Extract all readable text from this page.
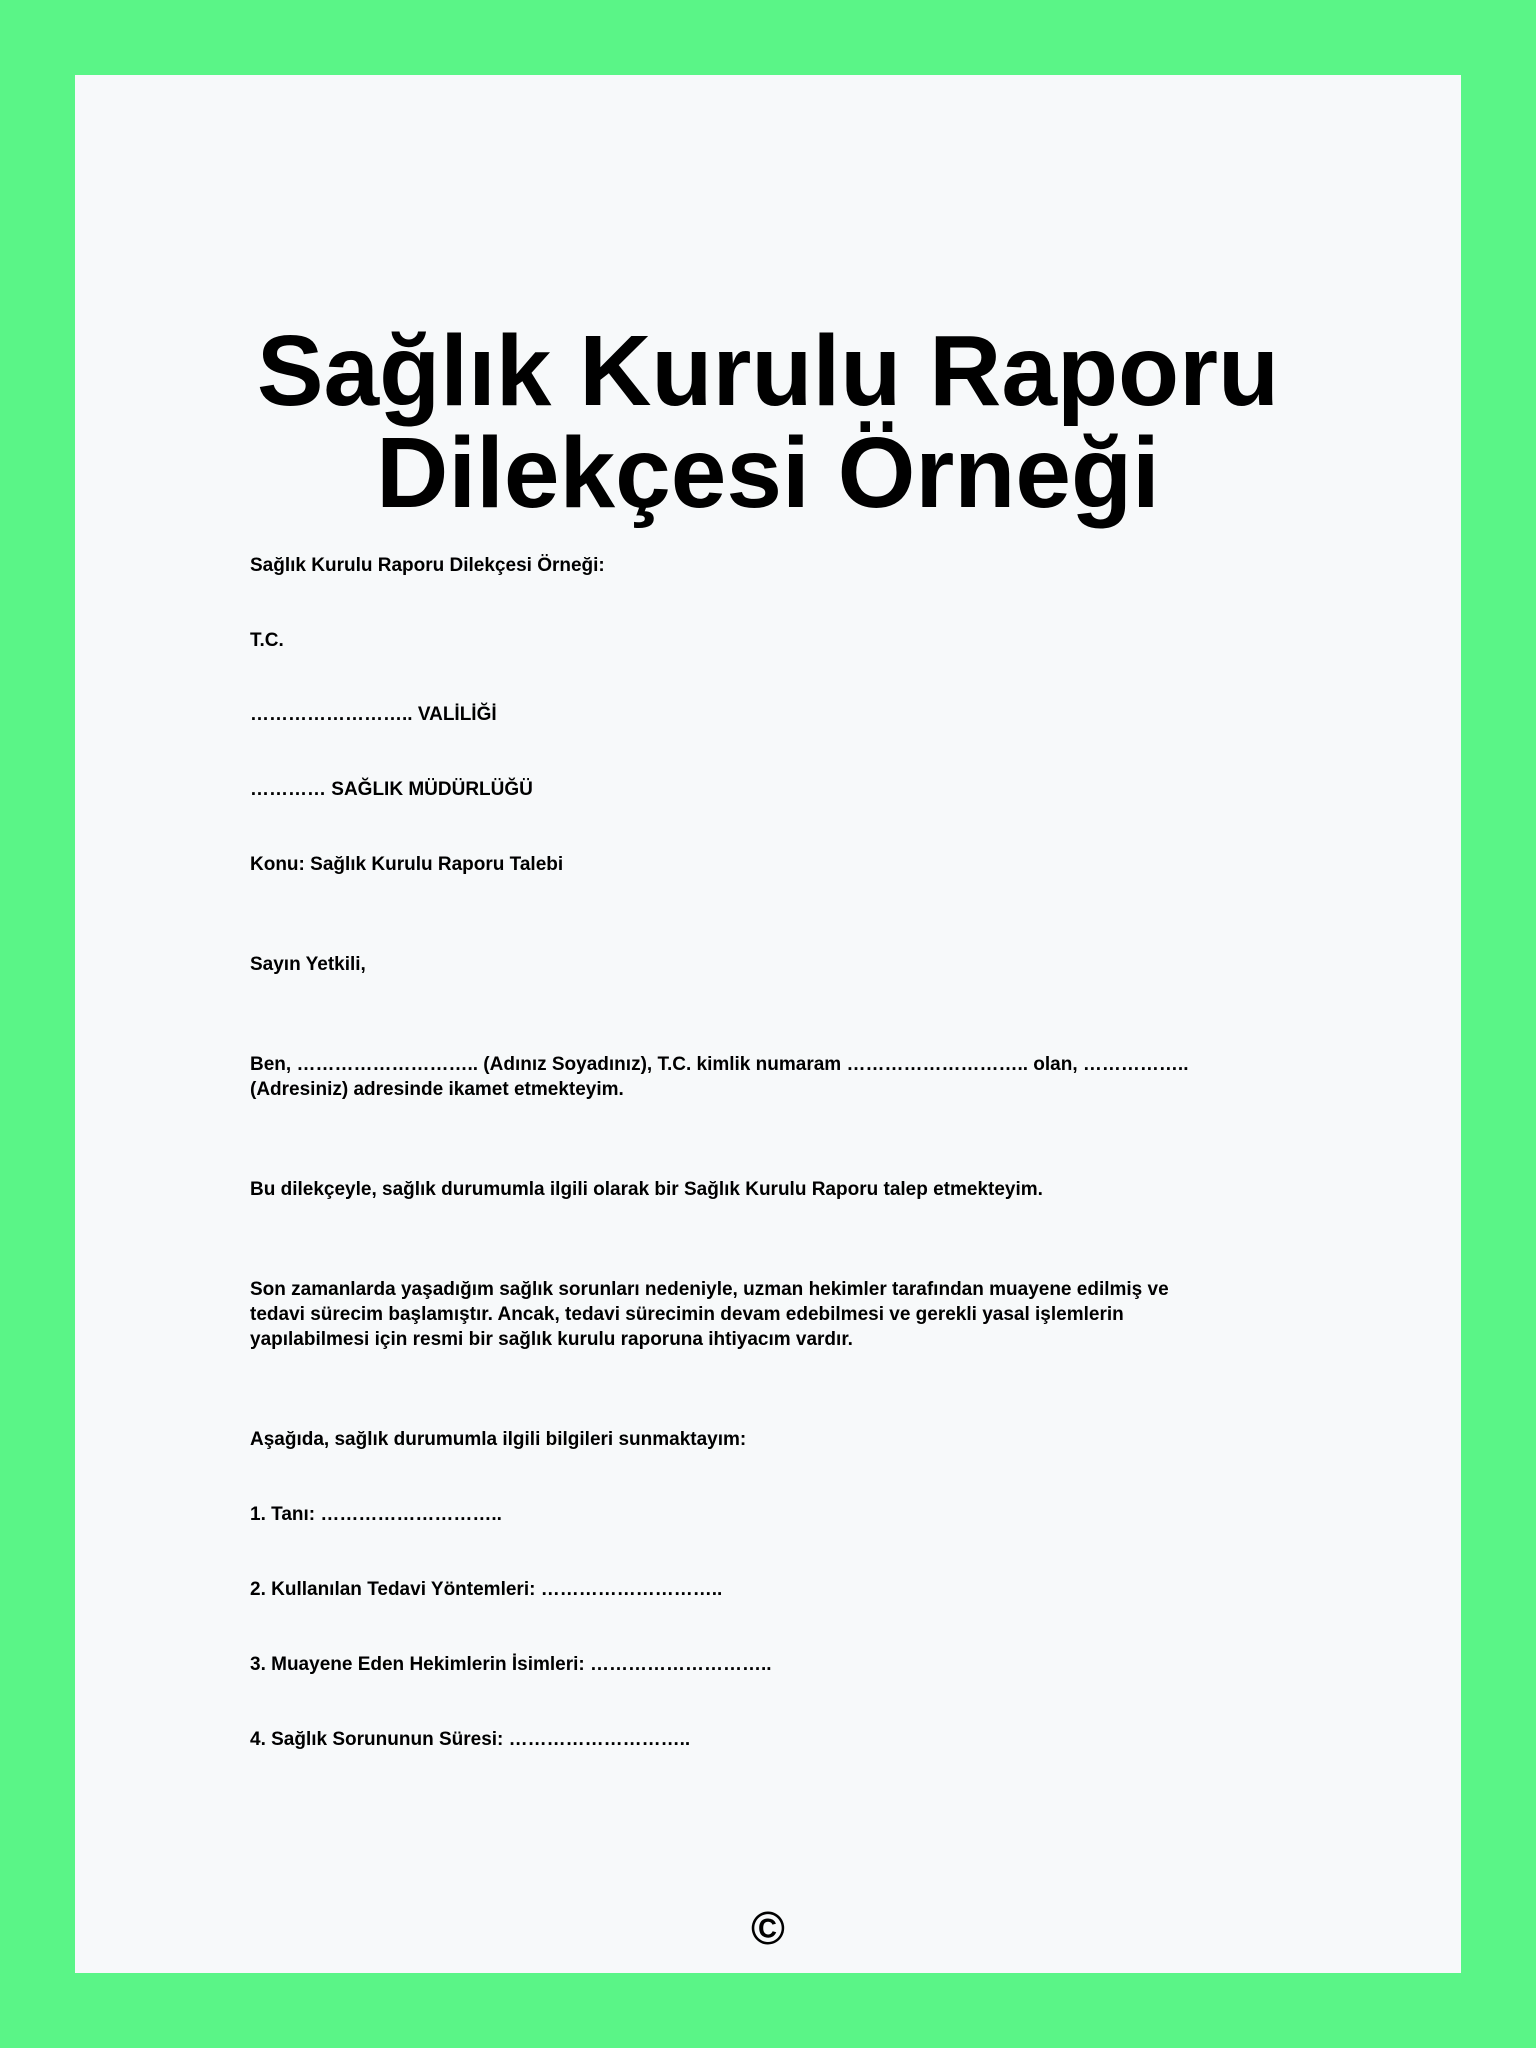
Sağlık Kurulu Raporu
Dilekçesi Örneği
Sağlık Kurulu Raporu Dilekçesi Örneği:
T.C.
…………………….. VALİLİĞİ
………… SAĞLIK MÜDÜRLÜĞÜ
Konu: Sağlık Kurulu Raporu Talebi
Sayın Yetkili,
Ben, ……………………….. (Adınız Soyadınız), T.C. kimlik numaram ……………………….. olan, ……………..
(Adresiniz) adresinde ikamet etmekteyim.
Bu dilekçeyle, sağlık durumumla ilgili olarak bir Sağlık Kurulu Raporu talep etmekteyim.
Son zamanlarda yaşadığım sağlık sorunları nedeniyle, uzman hekimler tarafından muayene edilmiş ve
tedavi sürecim başlamıştır. Ancak, tedavi sürecimin devam edebilmesi ve gerekli yasal işlemlerin
yapılabilmesi için resmi bir sağlık kurulu raporuna ihtiyacım vardır.
Aşağıda, sağlık durumumla ilgili bilgileri sunmaktayım:
1. Tanı: ………………………..
2. Kullanılan Tedavi Yöntemleri: ………………………..
3. Muayene Eden Hekimlerin İsimleri: ………………………..
4. Sağlık Sorununun Süresi: ………………………..
©
